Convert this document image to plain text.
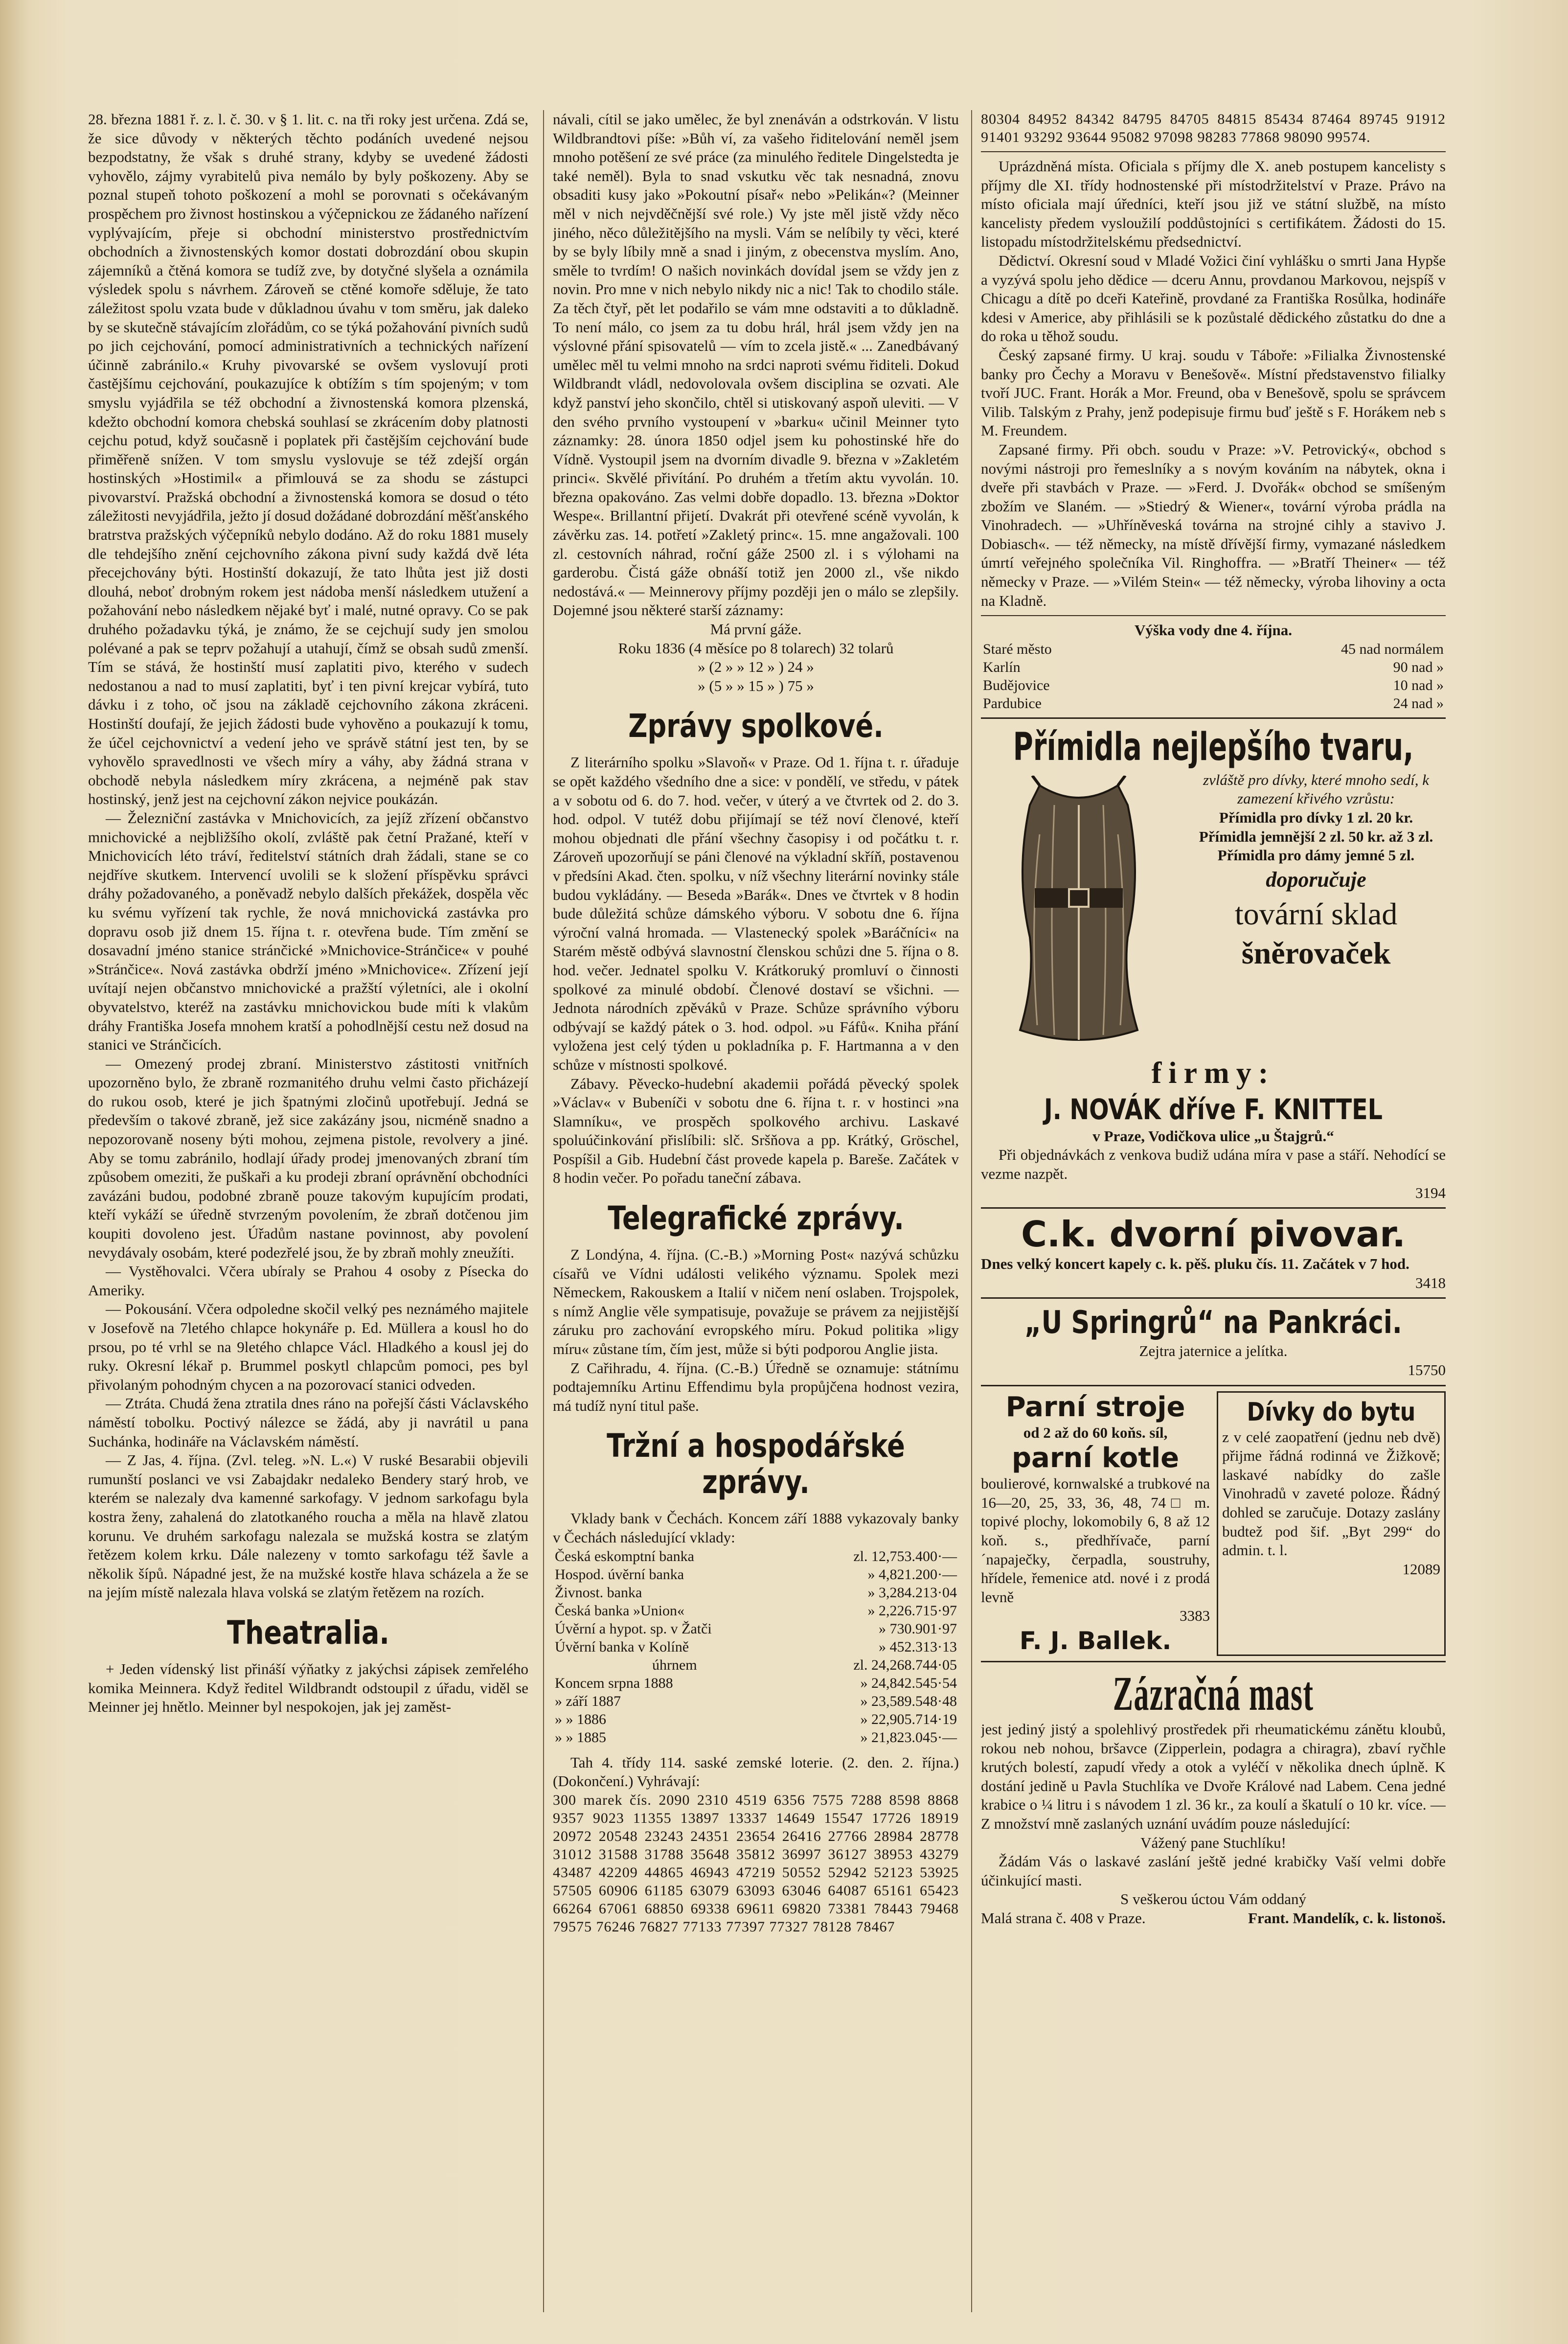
28. března 1881 ř. z. l. č. 30. v § 1. lit. c. na tři roky jest určena. Zdá se, že sice důvody v některých těchto podáních uvedené nejsou bezpodstatny, že však s druhé strany, kdyby se uvedené žádosti vyhovělo, zájmy vyrabitelů piva nemálo by byly poškozeny. Aby se poznal stupeň tohoto poškození a mohl se porovnati s očekávaným prospěchem pro živnost hostinskou a výčepnickou ze žádaného nařízení vyplývajícím, přeje si obchodní ministerstvo prostřednictvím obchodních a živnostenských komor dostati dobrozdání obou skupin zájemníků a čtěná komora se tudíž zve, by dotyčné slyšela a oznámila výsledek spolu s návrhem. Zároveň se ctěné komoře sděluje, že tato záležitost spolu vzata bude v důkladnou úvahu v tom směru, jak daleko by se skutečně stávajícím zlořádům, co se týká požahování pivních sudů po jich cejchování, pomocí administrativních a technických nařízení účinně zabránilo.« Kruhy pivovarské se ovšem vyslovují proti častějšímu cejchování, poukazujíce k obtížím s tím spojeným; v tom smyslu vyjádřila se též obchodní a živnostenská komora plzenská, kdežto obchodní komora chebská souhlasí se zkrácením doby platnosti cejchu potud, když současně i poplatek při častějším cejchování bude přiměřeně snížen. V tom smyslu vyslovuje se též zdejší orgán hostinských »Hostimil« a přimlouvá se za shodu se zástupci pivovarství. Pražská obchodní a živnostenská komora se dosud o této záležitosti nevyjádřila, ježto jí dosud dožádané dobrozdání měšťanského bratrstva pražských výčepníků nebylo dodáno. Až do roku 1881 musely dle tehdejšího znění cejchovního zákona pivní sudy každá dvě léta přecejchovány býti. Hostinští dokazují, že tato lhůta jest již dosti dlouhá, neboť drobným rokem jest nádoba menší následkem utužení a požahování nebo následkem nějaké byť i malé, nutné opravy. Co se pak druhého požadavku týká, je známo, že se cejchují sudy jen smolou polévané a pak se teprv požahují a utahují, čímž se obsah sudů zmenší. Tím se stává, že hostinští musí zaplatiti pivo, kterého v sudech nedostanou a nad to musí zaplatiti, byť i ten pivní krejcar vybírá, tuto dávku i z toho, oč jsou na základě cejchovního zákona zkráceni. Hostinští doufají, že jejich žádosti bude vyhověno a poukazují k tomu, že účel cejchovnictví a vedení jeho ve správě státní jest ten, by se vyhovělo spravedlnosti ve všech míry a váhy, aby žádná strana v obchodě nebyla následkem míry zkrácena, a nejméně pak stav hostinský, jenž jest na cejchovní zákon nejvice poukázán.

— Železniční zastávka v Mnichovicích, za jejíž zřízení občanstvo mnichovické a nejbližšího okolí, zvláště pak četní Pražané, kteří v Mnichovicích léto tráví, ředitelství státních drah žádali, stane se co nejdříve skutkem. Intervencí uvolili se k složení příspěvku správci dráhy požadovaného, a poněvadž nebylo dalších překážek, dospěla věc ku svému vyřízení tak rychle, že nová mnichovická zastávka pro dopravu osob již dnem 15. října t. r. otevřena bude. Tím změní se dosavadní jméno stanice stránčické »Mnichovice-Stránčice« v pouhé »Stránčice«. Nová zastávka obdrží jméno »Mnichovice«. Zřízení její uvítají nejen občanstvo mnichovické a pražští výletníci, ale i okolní obyvatelstvo, kteréž na zastávku mnichovickou bude míti k vlakům dráhy Františka Josefa mnohem kratší a pohodlnější cestu než dosud na stanici ve Stránčicích.

— Omezený prodej zbraní. Ministerstvo zástitosti vnitřních upozorněno bylo, že zbraně rozmanitého druhu velmi často přicházejí do rukou osob, které je jich špatnými zločinů upotřebují. Jedná se především o takové zbraně, jež sice zakázány jsou, nicméně snadno a nepozorovaně noseny býti mohou, zejmena pistole, revolvery a jiné. Aby se tomu zabránilo, hodlají úřady prodej jmenovaných zbraní tím způsobem omeziti, že puškaři a ku prodeji zbraní oprávnění obchodníci zavázáni budou, podobné zbraně pouze takovým kupujícím prodati, kteří vykáží se úředně stvrzeným povolením, že zbraň dotčenou jim koupiti dovoleno jest. Úřadům nastane povinnost, aby povolení nevydávaly osobám, které podezřelé jsou, že by zbraň mohly zneužíti.

— Vystěhovalci. Včera ubíraly se Prahou 4 osoby z Písecka do Ameriky.

— Pokousání. Včera odpoledne skočil velký pes neznámého majitele v Josefově na 7letého chlapce hokynáře p. Ed. Müllera a kousl ho do prsou, po té vrhl se na 9letého chlapce Václ. Hladkého a kousl jej do ruky. Okresní lékař p. Brummel poskytl chlapcům pomoci, pes byl přivolaným pohodným chycen a na pozorovací stanici odveden.

— Ztráta. Chudá žena ztratila dnes ráno na pořejší části Václavského náměstí tobolku. Poctivý nálezce se žádá, aby ji navrátil u pana Suchánka, hodináře na Václavském náměstí.

— Z Jas, 4. října. (Zvl. teleg. »N. L.«) V ruské Besarabii objevili rumunští poslanci ve vsi Zabajdakr nedaleko Bendery starý hrob, ve kterém se nalezaly dva kamenné sarkofagy. V jednom sarkofagu byla kostra ženy, zahalená do zlatotkaného roucha a měla na hlavě zlatou korunu. Ve druhém sarkofagu nalezala se mužská kostra se zlatým řetězem kolem krku. Dále nalezeny v tomto sarkofagu též šavle a několik šípů. Nápadné jest, že na mužské kostře hlava scházela a že se na jejím místě nalezala hlava volská se zlatým řetězem na rozích.

Theatralia.

+ Jeden vídenský list přináší výňatky z jakýchsi zápisek zemřelého komika Meinnera. Když ředitel Wildbrandt odstoupil z úřadu, viděl se Meinner jej hnětlo. Meinner byl nespokojen, jak jej zaměst-

návali, cítil se jako umělec, že byl znenáván a odstrkován. V listu Wildbrandtovi píše: »Bůh ví, za vašeho řiditelování neměl jsem mnoho potěšení ze své práce (za minulého ředitele Dingelstedta je také neměl). Byla to snad vskutku věc tak nesnadná, znovu obsaditi kusy jako »Pokoutní písař« nebo »Pelikán«? (Meinner měl v nich nejvděčnější své role.) Vy jste měl jistě vždy něco jiného, něco důležitějšího na mysli. Vám se nelíbily ty věci, které by se byly líbily mně a snad i jiným, z obecenstva myslím. Ano, směle to tvrdím! O našich novinkách dovídal jsem se vždy jen z novin. Pro mne v nich nebylo nikdy nic a nic! Tak to chodilo stále. Za těch čtyř, pět let podařilo se vám mne odstaviti a to důkladně. To není málo, co jsem za tu dobu hrál, hrál jsem vždy jen na výslovné přání spisovatelů — vím to zcela jistě.« ... Zanedbávaný umělec měl tu velmi mnoho na srdci naproti svému řiditeli. Dokud Wildbrandt vládl, nedovolovala ovšem disciplina se ozvati. Ale když panství jeho skončilo, chtěl si utiskovaný aspoň uleviti. — V den svého prvního vystoupení v »barku« učinil Meinner tyto záznamky: 28. února 1850 odjel jsem ku pohostinské hře do Vídně. Vystoupil jsem na dvorním divadle 9. března v »Zakletém princi«. Skvělé přivítání. Po druhém a třetím aktu vyvolán. 10. března opakováno. Zas velmi dobře dopadlo. 13. března »Doktor Wespe«. Brillantní přijetí. Dvakrát při otevřené scéně vyvolán, k závěrku zas. 14. potřetí »Zakletý princ«. 15. mne angažovali. 100 zl. cestovních náhrad, roční gáže 2500 zl. i s výlohami na garderobu. Čistá gáže obnáší totiž jen 2000 zl., vše nikdo nedostává.« — Meinnerovy příjmy později jen o málo se zlepšily. Dojemné jsou některé starší záznamy:

Má první gáže.

Roku 1836 (4 měsíce po 8 tolarech) 32 tolarů

» (2 » » 12 » ) 24 »

» (5 » » 15 » ) 75 »

Zprávy spolkové.

Z literárního spolku »Slavoň« v Praze. Od 1. října t. r. úřaduje se opět každého všedního dne a sice: v pondělí, ve středu, v pátek a v sobotu od 6. do 7. hod. večer, v úterý a ve čtvrtek od 2. do 3. hod. odpol. V tutéž dobu přijímají se též noví členové, kteří mohou objednati dle přání všechny časopisy i od počátku t. r. Zároveň upozorňují se páni členové na výkladní skříň, postavenou v předsíni Akad. čten. spolku, v níž všechny literární novinky stále budou vykládány. — Beseda »Barák«. Dnes ve čtvrtek v 8 hodin bude důležitá schůze dámského výboru. V sobotu dne 6. října výroční valná hromada. — Vlastenecký spolek »Baráčníci« na Starém městě odbývá slavnostní členskou schůzi dne 5. října o 8. hod. večer. Jednatel spolku V. Krátkoruký promluví o činnosti spolkové za minulé období. Členové dostaví se všichni. — Jednota národních zpěváků v Praze. Schůze správního výboru odbývají se každý pátek o 3. hod. odpol. »u Fáfů«. Kniha přání vyložena jest celý týden u pokladníka p. F. Hartmanna a v den schůze v místnosti spolkové.

Zábavy. Pěvecko-hudební akademii pořádá pěvecký spolek »Václav« v Bubeníči v sobotu dne 6. října t. r. v hostinci »na Slamníku«, ve prospěch spolkového archivu. Laskavé spoluúčinkování přislíbili: slč. Sršňova a pp. Krátký, Gröschel, Pospíšil a Gib. Hudební část provede kapela p. Bareše. Začátek v 8 hodin večer. Po pořadu taneční zábava.

Telegrafické zprávy.

Z Londýna, 4. října. (C.-B.) »Morning Post« nazývá schůzku císařů ve Vídni události velikého významu. Spolek mezi Německem, Rakouskem a Italií v ničem není oslaben. Trojspolek, s nímž Anglie věle sympatisuje, považuje se právem za nejjistější záruku pro zachování evropského míru. Pokud politika »ligy míru« zůstane tím, čím jest, může si býti podporou Anglie jista.

Z Cařihradu, 4. října. (C.-B.) Úředně se oznamuje: státnímu podtajemníku Artinu Effendimu byla propůjčena hodnost vezira, má tudíž nyní titul paše.

Tržní a hospodářské zprávy.

Vklady bank v Čechách. Koncem září 1888 vykazovaly banky v Čechách následující vklady:

Česká eskomptní banka	zl. 12,753.400·—
Hospod. úvěrní banka	» 4,821.200·—
Živnost. banka	» 3,284.213·04
Česká banka »Union«	» 2,226.715·97
Úvěrní a hypot. sp. v Žatči	» 730.901·97
Úvěrní banka v Kolíně	» 452.313·13
úhrnem	zl. 24,268.744·05
Koncem srpna 1888	» 24,842.545·54
» září 1887	» 23,589.548·48
» » 1886	» 22,905.714·19
» » 1885	» 21,823.045·—

Tah 4. třídy 114. saské zemské loterie. (2. den. 2. října.) (Dokončení.) Vyhrávají:

300 marek čís. 2090 2310 4519 6356 7575 7288 8598 8868 9357 9023 11355 13897 13337 14649 15547 17726 18919 20972 20548 23243 24351 23654 26416 27766 28984 28778 31012 31588 31788 35648 35812 36997 36127 38953 43279 43487 42209 44865 46943 47219 50552 52942 52123 53925 57505 60906 61185 63079 63093 63046 64087 65161 65423 66264 67061 68850 69338 69611 69820 73381 78443 79468 79575 76246 76827 77133 77397 77327 78128 78467

80304 84952 84342 84795 84705 84815 85434 87464 89745 91912 91401 93292 93644 95082 97098 98283 77868 98090 99574.

Uprázdněná místa. Oficiala s příjmy dle X. aneb postupem kancelisty s příjmy dle XI. třídy hodnostenské při místodržitelství v Praze. Právo na místo oficiala mají úředníci, kteří jsou již ve státní službě, na místo kancelisty předem vysloužilí poddůstojníci s certifikátem. Žádosti do 15. listopadu místodržitelskému předsednictví.

Dědictví. Okresní soud v Mladé Vožici činí vyhlášku o smrti Jana Hypše a vyzývá spolu jeho dědice — dceru Annu, provdanou Markovou, nejspíš v Chicagu a dítě po dceři Kateřině, provdané za Františka Rosůlka, hodináře kdesi v Americe, aby přihlásili se k pozůstalé dědického zůstatku do dne a do roka u těhož soudu.

Český zapsané firmy. U kraj. soudu v Táboře: »Filialka Živnostenské banky pro Čechy a Moravu v Benešově«. Místní představenstvo filialky tvoří JUC. Frant. Horák a Mor. Freund, oba v Benešově, spolu se správcem Vilib. Talským z Prahy, jenž podepisuje firmu buď ještě s F. Horákem neb s M. Freundem.

Zapsané firmy. Při obch. soudu v Praze: »V. Petrovický«, obchod s novými nástroji pro řemeslníky a s novým kováním na nábytek, okna i dveře při stavbách v Praze. — »Ferd. J. Dvořák« obchod se smíšeným zbožím ve Slaném. — »Stiedrý & Wiener«, tovární výroba prádla na Vinohradech. — »Uhříněveská továrna na strojné cihly a stavivo J. Dobiasch«. — též německy, na místě dřívější firmy, vymazané následkem úmrtí veřejného společníka Vil. Ringhoffra. — »Bratří Theiner« — též německy v Praze. — »Vilém Stein« — též německy, výroba lihoviny a octa na Kladně.

Výška vody dne 4. října.

Staré město	45 nad normálem
Karlín	90 nad »
Budějovice	10 nad »
Pardubice	24 nad »
Přímidla nejlepšího tvaru,

zvláště pro dívky, které mnoho sedí, k zamezení křivého vzrůstu:

Přímidla pro dívky 1 zl. 20 kr.

Přímidla jemnější 2 zl. 50 kr. až 3 zl.

Přímidla pro dámy jemné 5 zl.

doporučuje

tovární sklad

šněrovaček

firmy:

J. NOVÁK dříve F. KNITTEL

v Praze, Vodičkova ulice „u Štajgrů.“

Při objednávkách z venkova budiž udána míra v pase a stáří. Nehodící se vezme nazpět.

3194

C.k. dvorní pivovar.

Dnes velký koncert kapely c. k. pěš. pluku čís. 11. Začátek v 7 hod.

3418

„U Springrů“ na Pankráci.

Zejtra jaternice a jelítka.

15750

Parní stroje

od 2 až do 60 koňs. síl,

parní kotle

boulierové, kornwalské a trubkové na 16—20, 25, 33, 36, 48, 74□ m. topivé plochy, lokomobily 6, 8 až 12 koň. s., předhřívače, parní ´napaječky, čerpadla, soustruhy, hřídele, řemenice atd. nové i z prodá levně

3383

F. J. Ballek.

Dívky do bytu

z v celé zaopatření (jednu neb dvě) přijme řádná rodinná ve Žižkově; laskavé nabídky do zašle Vinohradů v zaveté poloze. Řádný dohled se zaručuje. Dotazy zaslány budtež pod šif. „Byt 299“ do admin. t. l.

12089

Zázračná mast

jest jediný jistý a spolehlivý prostředek při rheumatickému zánětu kloubů, rokou neb nohou, bršavce (Zipperlein, podagra a chiragra), zbaví ryčhle krutých bolestí, zapudí vředy a otok a vyléčí v několika dnech úplně. K dostání jedině u Pavla Stuchlíka ve Dvoře Králové nad Labem. Cena jedné krabice o ¼ litru i s návodem 1 zl. 36 kr., za koulí a škatulí o 10 kr. více. — Z množství mně zaslaných uznání uvádím pouze následující:

Vážený pane Stuchlíku!

Žádám Vás o laskavé zaslání ještě jedné krabičky Vaší velmi dobře účinkující masti.

S veškerou úctou Vám oddaný

Malá strana č. 408 v Praze.	Frant. Mandelík, c. k. listonoš.
